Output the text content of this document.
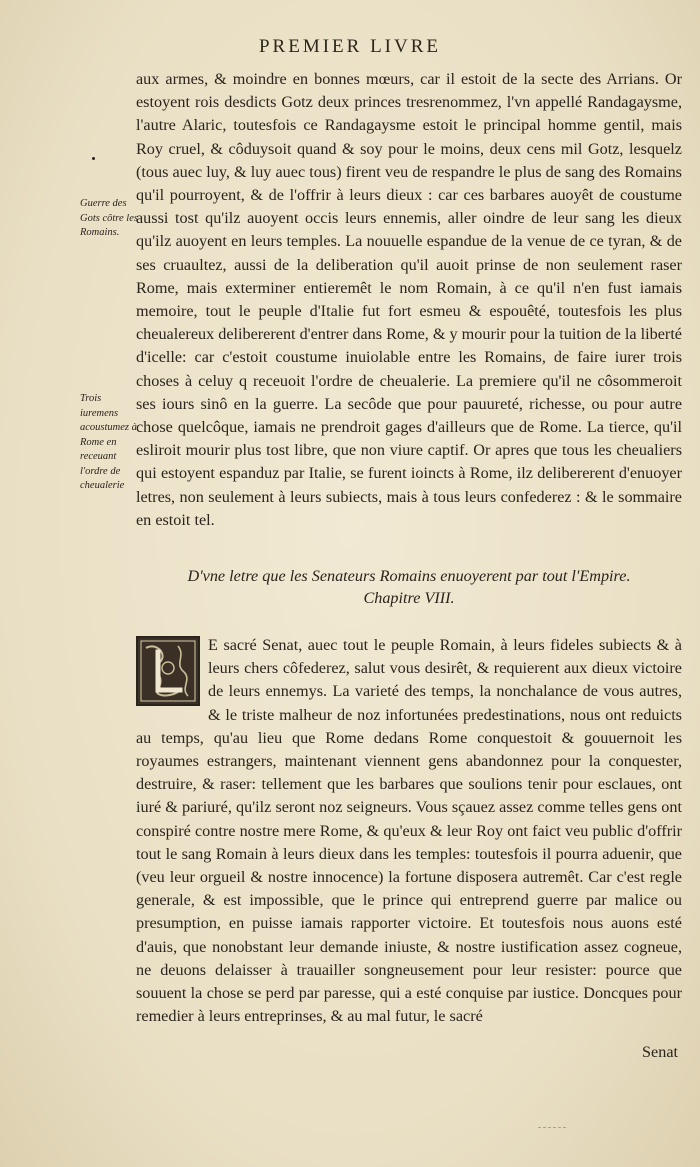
PREMIER LIVRE
Guerre des Gots côtre les Romains.
Trois iuremens acoustumez à Rome en receuant l'ordre de cheualerie

aux armes, & moindre en bonnes mœurs, car il estoit de la secte des Arrians. Or estoyent rois desdicts Gotz deux princes tresrenommez, l'vn appellé Randagaysme, l'autre Alaric, toutesfois ce Randagaysme estoit le principal homme gentil, mais Roy cruel, & côduysoit quand & soy pour le moins, deux cens mil Gotz, lesquelz (tous auec luy, & luy auec tous) firent veu de respandre le plus de sang des Romains qu'il pourroyent, & de l'offrir à leurs dieux : car ces barbares auoyêt de coustume aussi tost qu'ilz auoyent occis leurs ennemis, aller oindre de leur sang les dieux qu'ilz auoyent en leurs temples. La nouuelle espandue de la venue de ce tyran, & de ses cruaultez, aussi de la deliberation qu'il auoit prinse de non seulement raser Rome, mais exterminer entieremêt le nom Romain, à ce qu'il n'en fust iamais memoire, tout le peuple d'Italie fut fort esmeu & espouêté, toutesfois les plus cheualereux delibererent d'entrer dans Rome, & y mourir pour la tuition de la liberté d'icelle: car c'estoit coustume inuiolable entre les Romains, de faire iurer trois choses à celuy q receuoit l'ordre de cheualerie. La premiere qu'il ne côsommeroit ses iours sinô en la guerre. La secôde que pour pauureté, richesse, ou pour autre chose quelcôque, iamais ne prendroit gages d'ailleurs que de Rome. La tierce, qu'il esliroit mourir plus tost libre, que non viure captif. Or apres que tous les cheualiers qui estoyent espanduz par Italie, se furent ioincts à Rome, ilz delibererent d'enuoyer letres, non seulement à leurs subiects, mais à tous leurs confederez : & le sommaire en estoit tel.

D'vne letre que les Senateurs Romains enuoyerent par tout l'Empire.
Chapitre VIII.

E sacré Senat, auec tout le peuple Romain, à leurs fideles subiects & à leurs chers côfederez, salut vous desirêt, & requierent aux dieux victoire de leurs ennemys. La varieté des temps, la nonchalance de vous autres, & le triste malheur de noz infortunées predestinations, nous ont reduicts au temps, qu'au lieu que Rome dedans Rome conquestoit & gouuernoit les royaumes estrangers, maintenant viennent gens abandonnez pour la conquester, destruire, & raser: tellement que les barbares que soulions tenir pour esclaues, ont iuré & pariuré, qu'ilz seront noz seigneurs. Vous sçauez assez comme telles gens ont conspiré contre nostre mere Rome, & qu'eux & leur Roy ont faict veu public d'offrir tout le sang Romain à leurs dieux dans les temples: toutesfois il pourra aduenir, que (veu leur orgueil & nostre innocence) la fortune disposera autremêt. Car c'est regle generale, & est impossible, que le prince qui entreprend guerre par malice ou presumption, en puisse iamais rapporter victoire. Et toutesfois nous auons esté d'auis, que nonobstant leur demande iniuste, & nostre iustification assez cogneue, ne deuons delaisser à trauailler songneusement pour leur resister: pource que souuent la chose se perd par paresse, qui a esté conquise par iustice. Doncques pour remedier à leurs entreprinses, & au mal futur, le sacré

Senat
